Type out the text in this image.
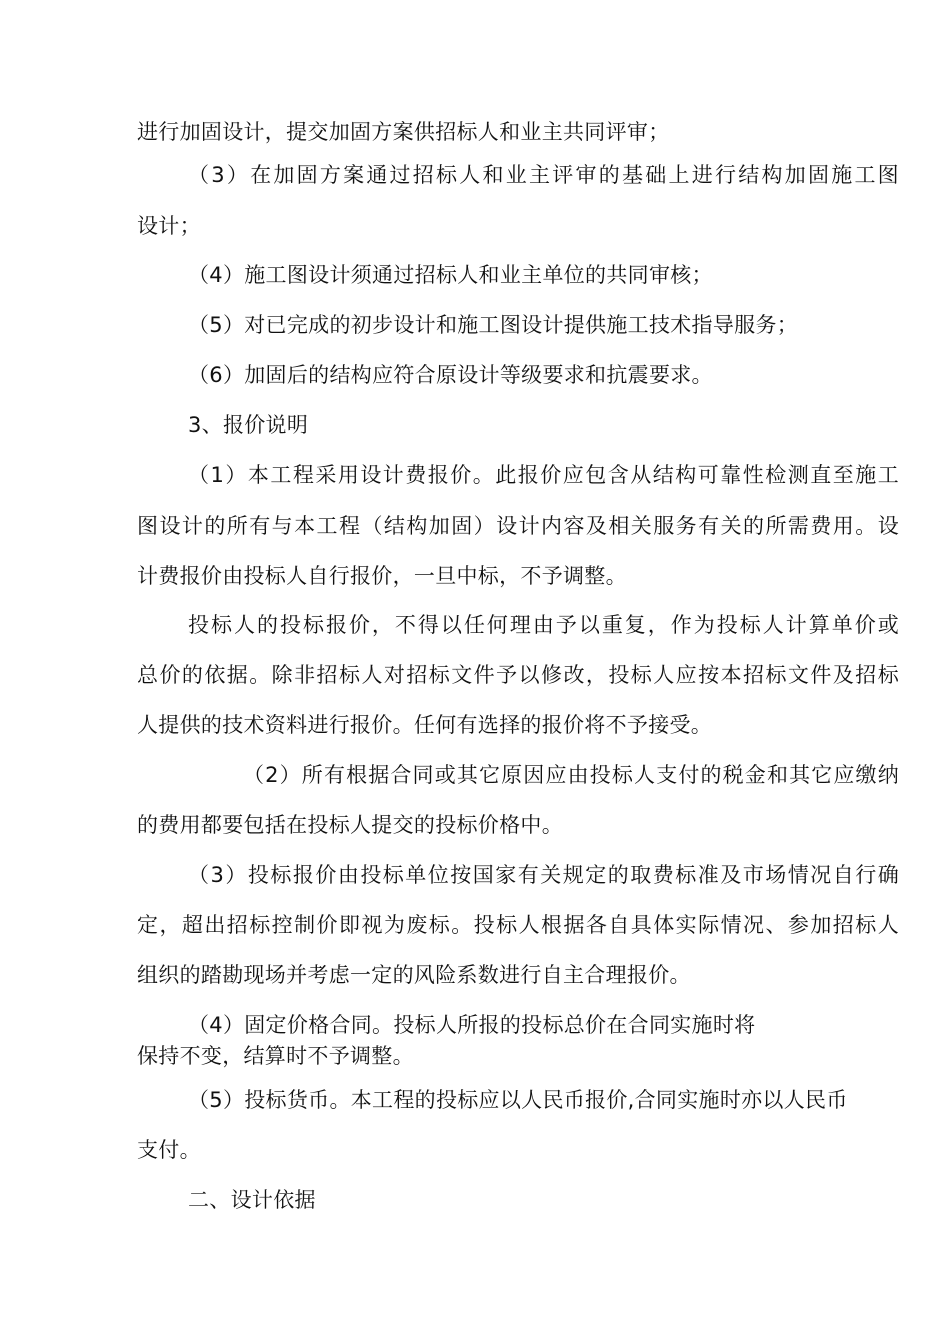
进行加固设计，提交加固方案供招标人和业主共同评审；
（3）在加固方案通过招标人和业主评审的基础上进行结构加固施工图
设计；
（4）施工图设计须通过招标人和业主单位的共同审核；
（5）对已完成的初步设计和施工图设计提供施工技术指导服务；
（6）加固后的结构应符合原设计等级要求和抗震要求。
3、报价说明
（1）本工程采用设计费报价。此报价应包含从结构可靠性检测直至施工
图设计的所有与本工程（结构加固）设计内容及相关服务有关的所需费用。设
计费报价由投标人自行报价，一旦中标，不予调整。
投标人的投标报价，不得以任何理由予以重复，作为投标人计算单价或
总价的依据。除非招标人对招标文件予以修改，投标人应按本招标文件及招标
人提供的技术资料进行报价。任何有选择的报价将不予接受。
（2）所有根据合同或其它原因应由投标人支付的税金和其它应缴纳
的费用都要包括在投标人提交的投标价格中。
（3）投标报价由投标单位按国家有关规定的取费标准及市场情况自行确
定，超出招标控制价即视为废标。投标人根据各自具体实际情况、参加招标人
组织的踏勘现场并考虑一定的风险系数进行自主合理报价。
（4）固定价格合同。投标人所报的投标总价在合同实施时将
保持不变，结算时不予调整。
（5）投标货币。本工程的投标应以人民币报价,合同实施时亦以人民币
支付。
二、设计依据
